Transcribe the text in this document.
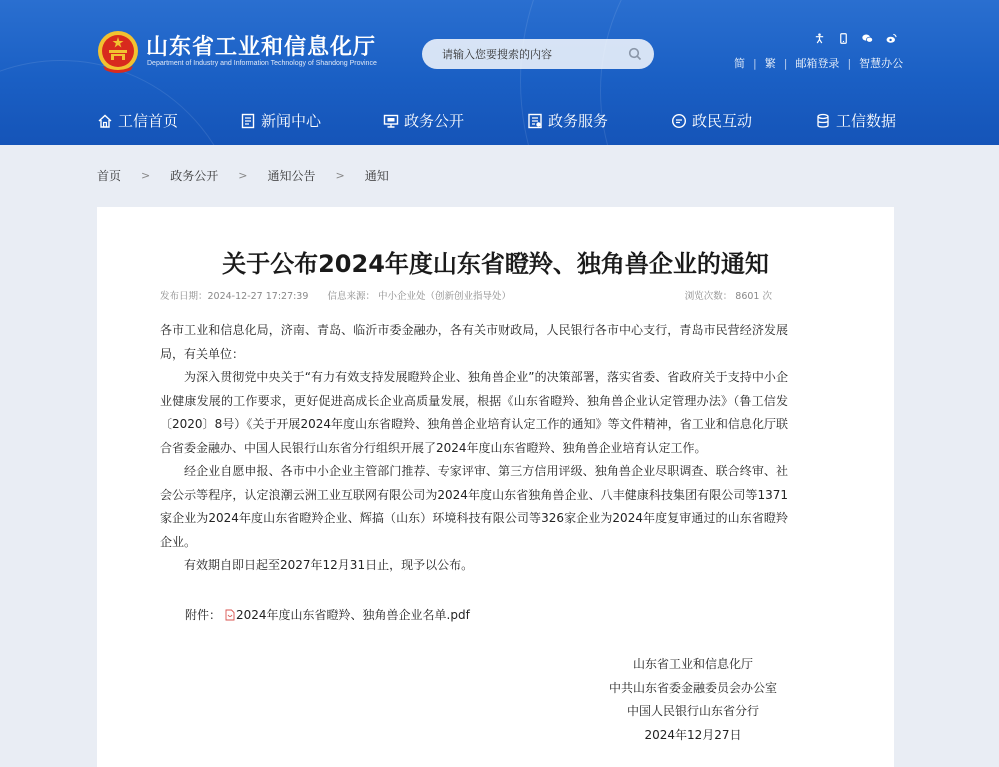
山东省工业和信息化厅
Department of Industry and Information Technology of Shandong Province
请输入您要搜索的内容	简 | 繁 | 邮箱登录 | 智慧办公
工信首页	新闻中心	政务公开	政务服务	政民互动	工信数据
首页 > 政务公开 > 通知公告 > 通知
关于公布2024年度山东省瞪羚、独角兽企业的通知
发布日期：2024-12-27 17:27:39 信息来源： 中小企业处（创新创业指导处）	浏览次数： 8601 次

各市工业和信息化局，济南、青岛、临沂市委金融办，各有关市财政局，人民银行各市中心支行，青岛市民营经济发展局，有关单位：

为深入贯彻党中央关于“有力有效支持发展瞪羚企业、独角兽企业”的决策部署，落实省委、省政府关于支持中小企业健康发展的工作要求，更好促进高成长企业高质量发展，根据《山东省瞪羚、独角兽企业认定管理办法》（鲁工信发〔2020〕8号）《关于开展2024年度山东省瞪羚、独角兽企业培育认定工作的通知》等文件精神，省工业和信息化厅联合省委金融办、中国人民银行山东省分行组织开展了2024年度山东省瞪羚、独角兽企业培育认定工作。

经企业自愿申报、各市中小企业主管部门推荐、专家评审、第三方信用评级、独角兽企业尽职调查、联合终审、社会公示等程序，认定浪潮云洲工业互联网有限公司为2024年度山东省独角兽企业、八丰健康科技集团有限公司等1371家企业为2024年度山东省瞪羚企业、辉搞（山东）环境科技有限公司等326家企业为2024年度复审通过的山东省瞪羚企业。

有效期自即日起至2027年12月31日止，现予以公布。

附件： 2024年度山东省瞪羚、独角兽企业名单.pdf
山东省工业和信息化厅
中共山东省委金融委员会办公室
中国人民银行山东省分行
2024年12月27日
